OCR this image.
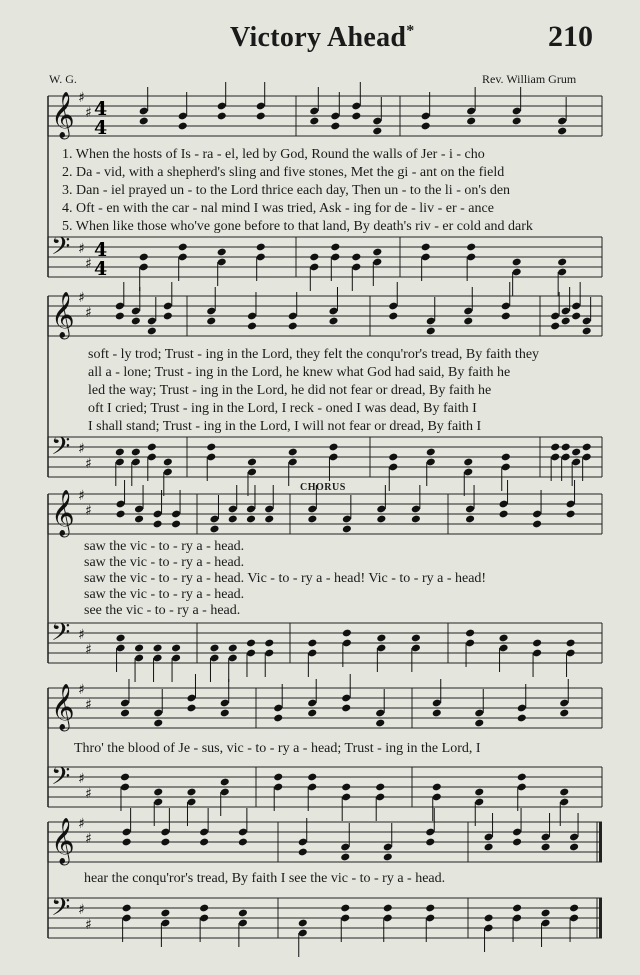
Victory Ahead*	210
W. G.	Rev. William Grum
1. When the hosts of Is - ra - el, led by God, Round the walls of Jer - i - cho
2. Da - vid, with a shepherd's sling and five stones, Met the gi - ant on the field
3. Dan - iel prayed un - to the Lord thrice each day, Then un - to the li - on's den
4. Oft - en with the car - nal mind I was tried, Ask - ing for de - liv - er - ance
5. When like those who've gone before to that land, By death's riv - er cold and dark
soft - ly trod; Trust - ing in the Lord, they felt the conqu'ror's tread, By faith they
all a - lone; Trust - ing in the Lord, he knew what God had said, By faith he
led the way; Trust - ing in the Lord, he did not fear or dread, By faith he
oft I cried; Trust - ing in the Lord, I reck - oned I was dead, By faith I
I shall stand; Trust - ing in the Lord, I will not fear or dread, By faith I
CHORUS
saw the vic - to - ry a - head.
saw the vic - to - ry a - head.
saw the vic - to - ry a - head. Vic - to - ry a - head! Vic - to - ry a - head!
saw the vic - to - ry a - head.
see the vic - to - ry a - head.
Thro' the blood of Je - sus, vic - to - ry a - head; Trust - ing in the Lord, I
hear the conqu'ror's tread, By faith I see the vic - to - ry a - head.
𝄞 ♯
♯ 4
4
𝄢 ♯
♯
4
4
𝄞 ♯
♯
𝄢 ♯
♯
𝄞 ♯
♯
𝄢 ♯
♯
𝄞 ♯
♯
𝄢 ♯
♯
𝄞 ♯
♯
𝄢 ♯
♯
